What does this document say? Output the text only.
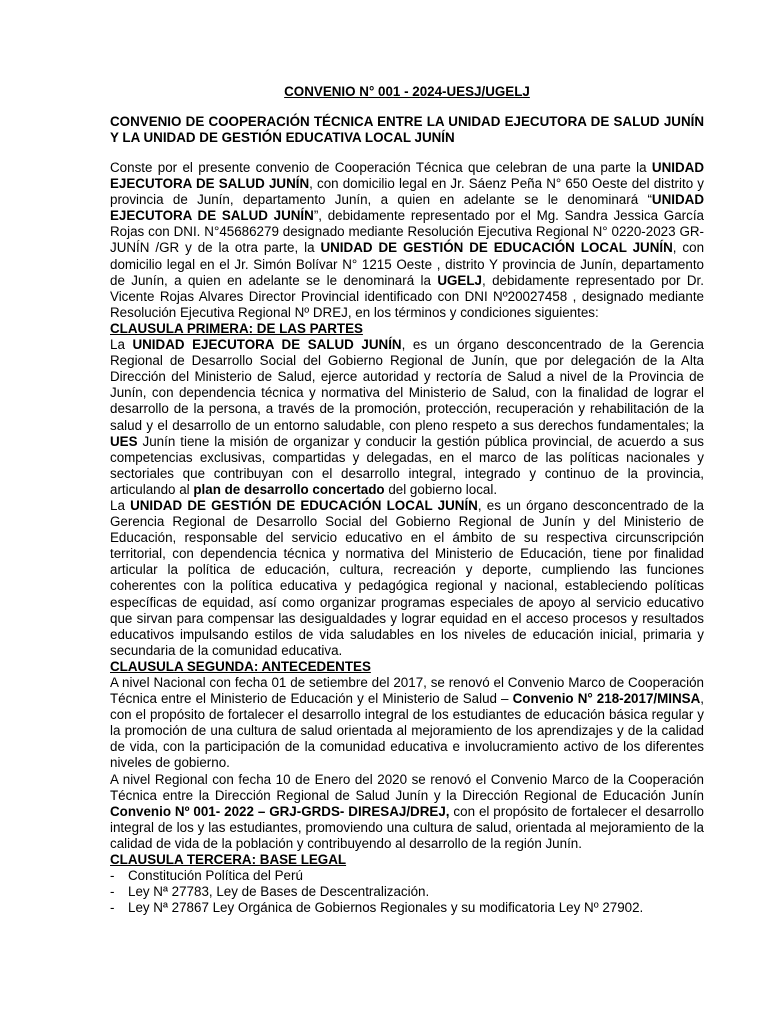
CONVENIO N° 001 - 2024-UESJ/UGELJ
CONVENIO DE COOPERACIÓN TÉCNICA ENTRE LA UNIDAD EJECUTORA DE SALUD JUNÍN Y LA UNIDAD DE GESTIÓN EDUCATIVA LOCAL JUNÍN

Conste por el presente convenio de Cooperación Técnica que celebran de una parte la UNIDAD EJECUTORA DE SALUD JUNÍN, con domicilio legal en Jr. Sáenz Peña N° 650 Oeste del distrito y provincia de Junín, departamento Junín, a quien en adelante se le denominará “UNIDAD EJECUTORA DE SALUD JUNÍN”, debidamente representado por el Mg. Sandra Jessica García Rojas con DNI. N°45686279 designado mediante Resolución Ejecutiva Regional N° 0220-2023 GR-JUNÍN /GR y de la otra parte, la UNIDAD DE GESTIÓN DE EDUCACIÓN LOCAL JUNÍN, con domicilio legal en el Jr. Simón Bolívar N° 1215 Oeste , distrito Y provincia de Junín, departamento de Junín, a quien en adelante se le denominará la UGELJ, debidamente representado por Dr. Vicente Rojas Alvares Director Provincial identificado con DNI Nº20027458 , designado mediante Resolución Ejecutiva Regional Nº DREJ, en los términos y condiciones siguientes:

CLAUSULA PRIMERA: DE LAS PARTES

La UNIDAD EJECUTORA DE SALUD JUNÍN, es un órgano desconcentrado de la Gerencia Regional de Desarrollo Social del Gobierno Regional de Junín, que por delegación de la Alta Dirección del Ministerio de Salud, ejerce autoridad y rectoría de Salud a nivel de la Provincia de Junín, con dependencia técnica y normativa del Ministerio de Salud, con la finalidad de lograr el desarrollo de la persona, a través de la promoción, protección, recuperación y rehabilitación de la salud y el desarrollo de un entorno saludable, con pleno respeto a sus derechos fundamentales; la UES Junín tiene la misión de organizar y conducir la gestión pública provincial, de acuerdo a sus competencias exclusivas, compartidas y delegadas, en el marco de las políticas nacionales y sectoriales que contribuyan con el desarrollo integral, integrado y continuo de la provincia, articulando al plan de desarrollo concertado del gobierno local.

La UNIDAD DE GESTIÓN DE EDUCACIÓN LOCAL JUNÍN, es un órgano desconcentrado de la Gerencia Regional de Desarrollo Social del Gobierno Regional de Junín y del Ministerio de Educación, responsable del servicio educativo en el ámbito de su respectiva circunscripción territorial, con dependencia técnica y normativa del Ministerio de Educación, tiene por finalidad articular la política de educación, cultura, recreación y deporte, cumpliendo las funciones coherentes con la política educativa y pedagógica regional y nacional, estableciendo políticas específicas de equidad, así como organizar programas especiales de apoyo al servicio educativo que sirvan para compensar las desigualdades y lograr equidad en el acceso procesos y resultados educativos impulsando estilos de vida saludables en los niveles de educación inicial, primaria y secundaria de la comunidad educativa.

CLAUSULA SEGUNDA: ANTECEDENTES

A nivel Nacional con fecha 01 de setiembre del 2017, se renovó el Convenio Marco de Cooperación Técnica entre el Ministerio de Educación y el Ministerio de Salud – Convenio N° 218-2017/MINSA, con el propósito de fortalecer el desarrollo integral de los estudiantes de educación básica regular y la promoción de una cultura de salud orientada al mejoramiento de los aprendizajes y de la calidad de vida, con la participación de la comunidad educativa e involucramiento activo de los diferentes niveles de gobierno.

A nivel Regional con fecha 10 de Enero del 2020 se renovó el Convenio Marco de la Cooperación Técnica entre la Dirección Regional de Salud Junín y la Dirección Regional de Educación Junín Convenio Nº 001- 2022 – GRJ-GRDS- DIRESAJ/DREJ, con el propósito de fortalecer el desarrollo integral de los y las estudiantes, promoviendo una cultura de salud, orientada al mejoramiento de la calidad de vida de la población y contribuyendo al desarrollo de la región Junín.

CLAUSULA TERCERA: BASE LEGAL
-	Constitución Política del Perú
-	Ley Nª 27783, Ley de Bases de Descentralización.
-	Ley Nª 27867 Ley Orgánica de Gobiernos Regionales y su modificatoria Ley Nº 27902.
